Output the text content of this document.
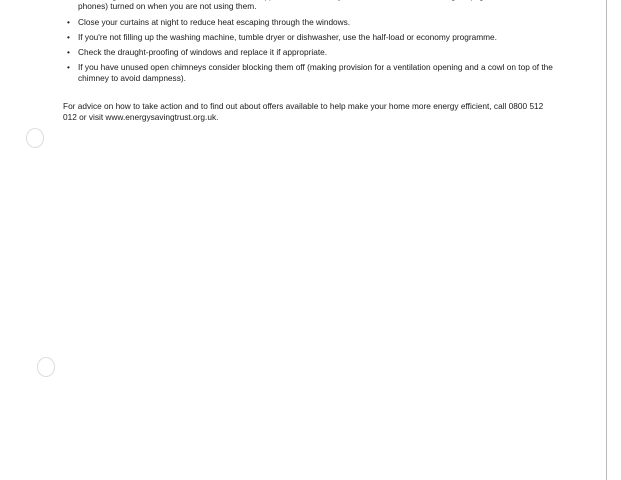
• phones) turned on when you are not using them.
• Close your curtains at night to reduce heat escaping through the windows.
• If you're not filling up the washing machine, tumble dryer or dishwasher, use the half-load or economy programme.
• Check the draught-proofing of windows and replace it if appropriate.
• If you have unused open chimneys consider blocking them off (making provision for a ventilation opening and a cowl on top of the chimney to avoid dampness).

For advice on how to take action and to find out about offers available to help make your home more energy efficient, call 0800 512 012 or visit www.energysavingtrust.org.uk.
